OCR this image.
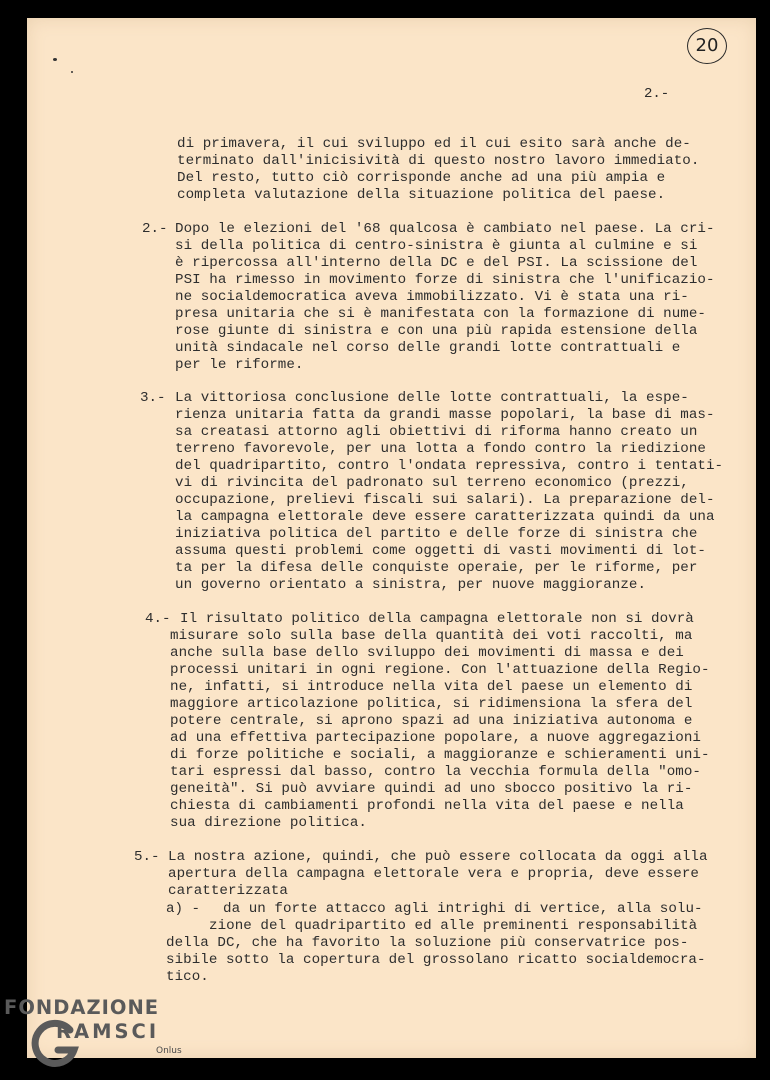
20
2.-
di primavera, il cui sviluppo ed il cui esito sarà anche de-
terminato dall'inicisività di questo nostro lavoro immediato.
Del resto, tutto ciò corrisponde anche ad una più ampia e
completa valutazione della situazione politica del paese.
2.- Dopo le elezioni del '68 qualcosa è cambiato nel paese. La cri-
si della politica di centro-sinistra è giunta al culmine e si
è ripercossa all'interno della DC e del PSI. La scissione del
PSI ha rimesso in movimento forze di sinistra che l'unificazio-
ne socialdemocratica aveva immobilizzato. Vi è stata una ri-
presa unitaria che si è manifestata con la formazione di nume-
rose giunte di sinistra e con una più rapida estensione della
unità sindacale nel corso delle grandi lotte contrattuali e
per le riforme.
3.- La vittoriosa conclusione delle lotte contrattuali, la espe-
rienza unitaria fatta da grandi masse popolari, la base di mas-
sa creatasi attorno agli obiettivi di riforma hanno creato un
terreno favorevole, per una lotta a fondo contro la riedizione
del quadripartito, contro l'ondata repressiva, contro i tentati-
vi di rivincita del padronato sul terreno economico (prezzi,
occupazione, prelievi fiscali sui salari). La preparazione del-
la campagna elettorale deve essere caratterizzata quindi da una
iniziativa politica del partito e delle forze di sinistra che
assuma questi problemi come oggetti di vasti movimenti di lot-
ta per la difesa delle conquiste operaie, per le riforme, per
un governo orientato a sinistra, per nuove maggioranze.
4.- Il risultato politico della campagna elettorale non si dovrà
misurare solo sulla base della quantità dei voti raccolti, ma
anche sulla base dello sviluppo dei movimenti di massa e dei
processi unitari in ogni regione. Con l'attuazione della Regio-
ne, infatti, si introduce nella vita del paese un elemento di
maggiore articolazione politica, si ridimensiona la sfera del
potere centrale, si aprono spazi ad una iniziativa autonoma e
ad una effettiva partecipazione popolare, a nuove aggregazioni
di forze politiche e sociali, a maggioranze e schieramenti uni-
tari espressi dal basso, contro la vecchia formula della "omo-
geneità". Si può avviare quindi ad uno sbocco positivo la ri-
chiesta di cambiamenti profondi nella vita del paese e nella
sua direzione politica.
5.- La nostra azione, quindi, che può essere collocata da oggi alla
apertura della campagna elettorale vera e propria, deve essere
caratterizzata
a) - da un forte attacco agli intrighi di vertice, alla solu-
zione del quadripartito ed alle preminenti responsabilità
della DC, che ha favorito la soluzione più conservatrice pos-
sibile sotto la copertura del grossolano ricatto socialdemocra-
tico.
FONDAZIONE
RAMSCI
Onlus
